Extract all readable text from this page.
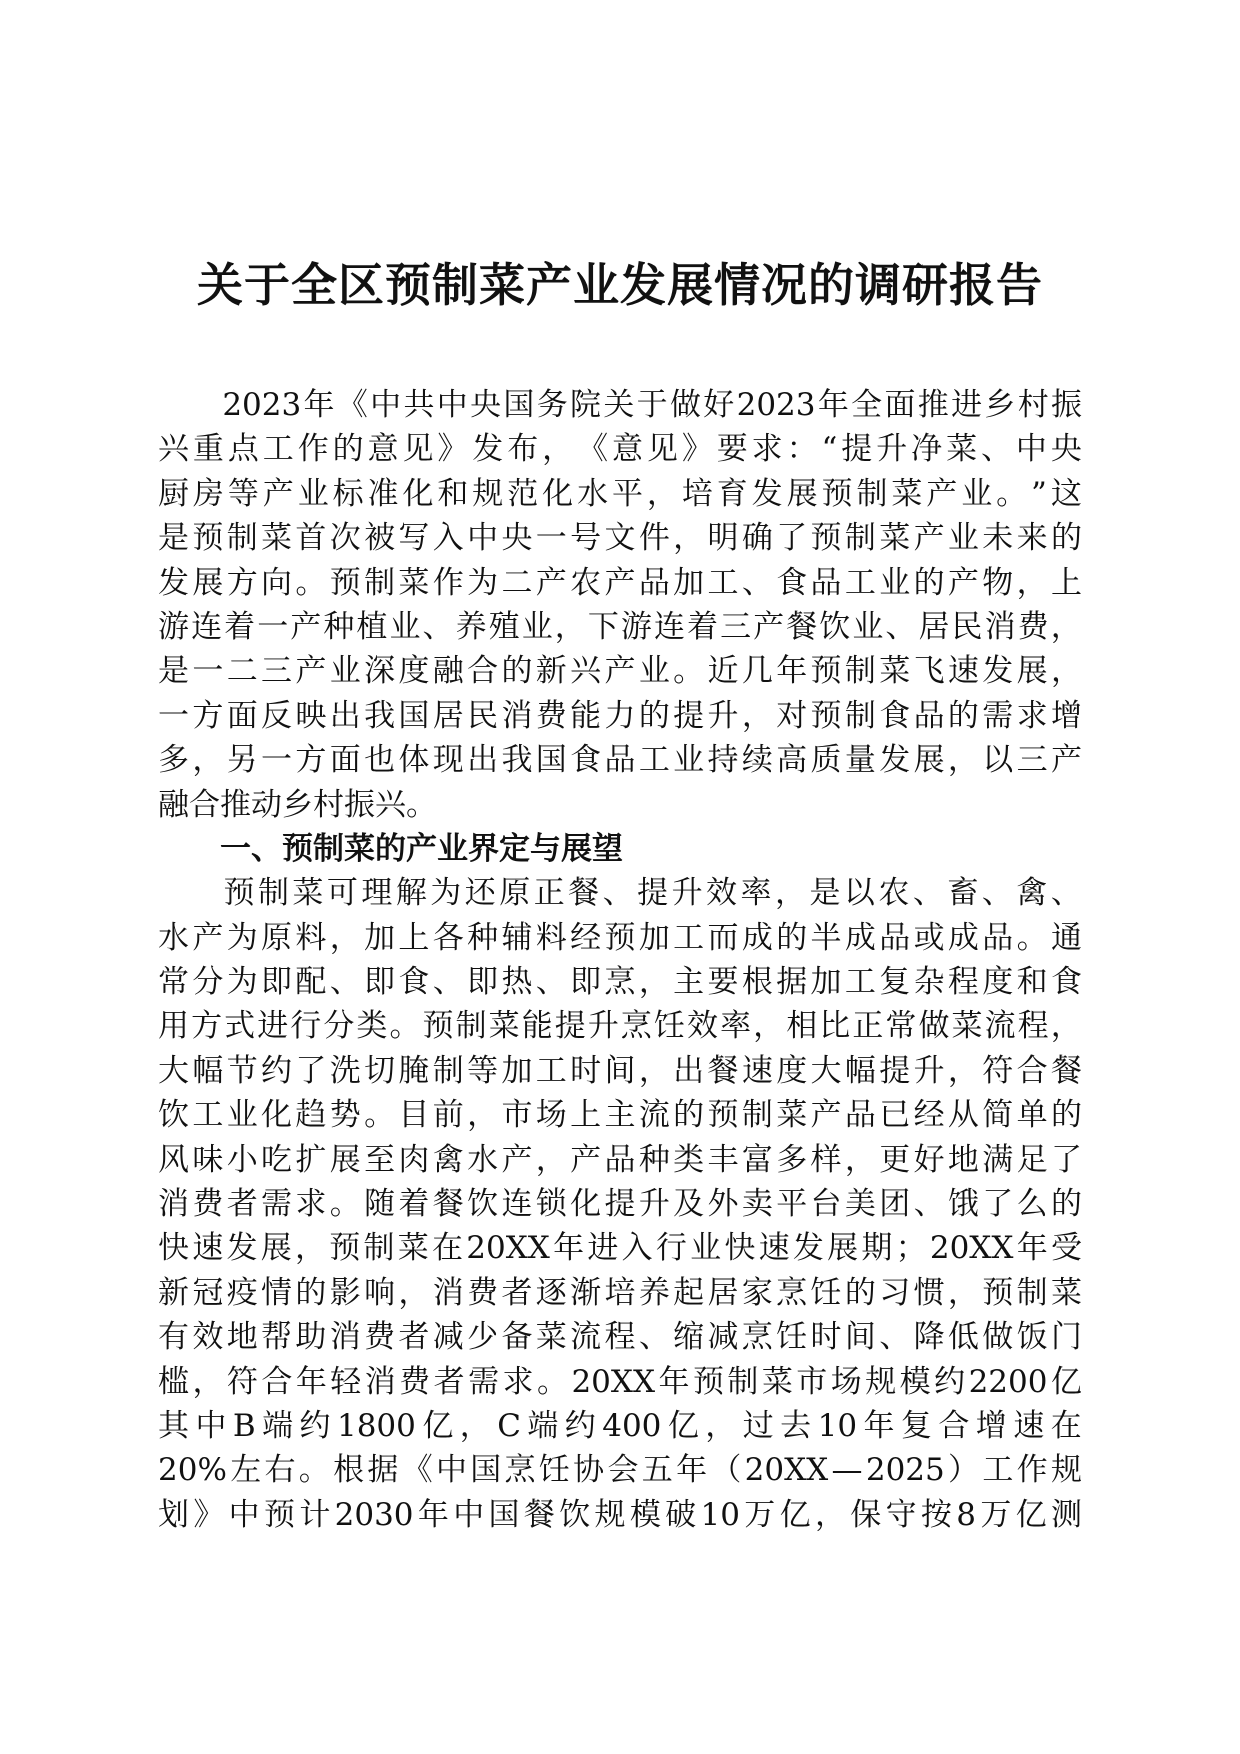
关于全区预制菜产业发展情况的调研报告

2023 年 《 中 共 中 央 国 务 院 关 于 做 好 2023 年 全 面 推 进 乡 村 振
兴 重 点 工 作 的 意 见 》 发 布 ， 《 意 见 》 要 求 ： “ 提 升 净 菜 、 中 央
厨 房 等 产 业 标 准 化 和 规 范 化 水 平 ， 培 育 发 展 预 制 菜 产 业 。 ” 这
是 预 制 菜 首 次 被 写 入 中 央 一 号 文 件 ， 明 确 了 预 制 菜 产 业 未 来 的
发 展 方 向 。 预 制 菜 作 为 二 产 农 产 品 加 工 、 食 品 工 业 的 产 物 ， 上
游 连 着 一 产 种 植 业 、 养 殖 业 ， 下 游 连 着 三 产 餐 饮 业 、 居 民 消 费 ，
是 一 二 三 产 业 深 度 融 合 的 新 兴 产 业 。 近 几 年 预 制 菜 飞 速 发 展 ，
一 方 面 反 映 出 我 国 居 民 消 费 能 力 的 提 升 ， 对 预 制 食 品 的 需 求 增
多 ， 另 一 方 面 也 体 现 出 我 国 食 品 工 业 持 续 高 质 量 发 展 ， 以 三 产
融合推动乡村振兴。
一、预制菜的产业界定与展望

预 制 菜 可 理 解 为 还 原 正 餐 、 提 升 效 率 ， 是 以 农 、 畜 、 禽 、
水 产 为 原 料 ， 加 上 各 种 辅 料 经 预 加 工 而 成 的 半 成 品 或 成 品 。 通
常 分 为 即 配 、 即 食 、 即 热 、 即 烹 ， 主 要 根 据 加 工 复 杂 程 度 和 食
用 方 式 进 行 分 类 。 预 制 菜 能 提 升 烹 饪 效 率 ， 相 比 正 常 做 菜 流 程 ，
大 幅 节 约 了 洗 切 腌 制 等 加 工 时 间 ， 出 餐 速 度 大 幅 提 升 ， 符 合 餐
饮 工 业 化 趋 势 。 目 前 ， 市 场 上 主 流 的 预 制 菜 产 品 已 经 从 简 单 的
风 味 小 吃 扩 展 至 肉 禽 水 产 ， 产 品 种 类 丰 富 多 样 ， 更 好 地 满 足 了
消 费 者 需 求 。 随 着 餐 饮 连 锁 化 提 升 及 外 卖 平 台 美 团 、 饿 了 么 的
快 速 发 展 ， 预 制 菜 在 20XX 年 进 入 行 业 快 速 发 展 期 ； 20XX 年 受
新 冠 疫 情 的 影 响 ， 消 费 者 逐 渐 培 养 起 居 家 烹 饪 的 习 惯 ， 预 制 菜
有 效 地 帮 助 消 费 者 减 少 备 菜 流 程 、 缩 减 烹 饪 时 间 、 降 低 做 饭 门
槛 ， 符 合 年 轻 消 费 者 需 求 。 20XX 年 预 制 菜 市 场 规 模 约 2200 亿
其 中 B 端 约 1800 亿 ， C 端 约 400 亿 ， 过 去 10 年 复 合 增 速 在
20% 左 右 。 根 据 《 中 国 烹 饪 协 会 五 年 （ 20XX — 2025 ） 工 作 规
划 》 中 预 计 2030 年 中 国 餐 饮 规 模 破 10 万 亿 ， 保 守 按 8 万 亿 测
